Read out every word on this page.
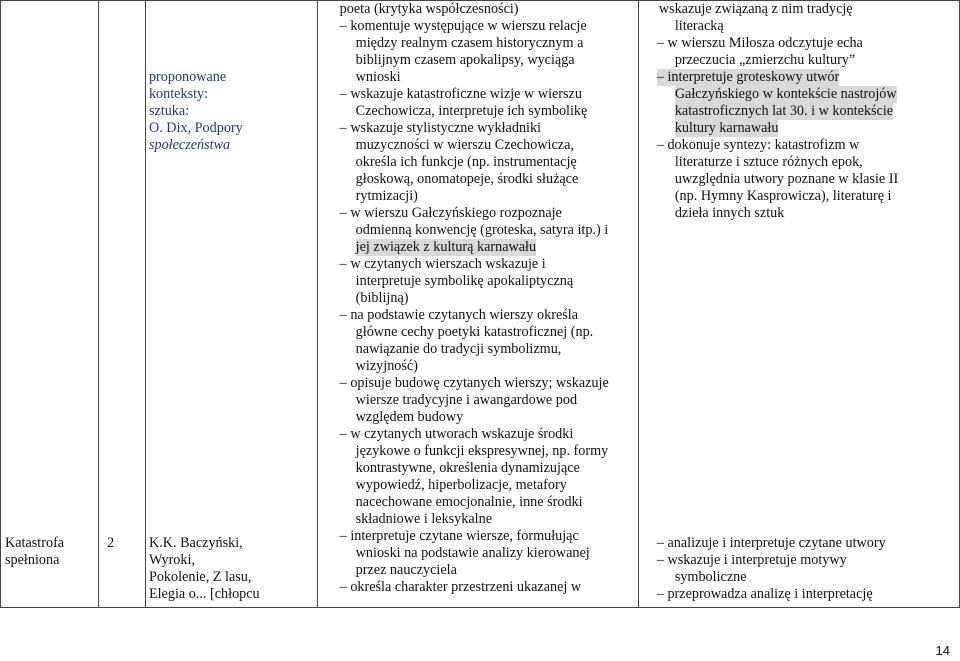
Katastrofa
spełniona

2

proponowane
konteksty:
sztuka:
O. Dix, Podpory
społeczeństwa
K.K. Baczyński,
Wyroki,
Pokolenie, Z lasu,
Elegia o... [chłopcu

poeta (krytyka współczesności)
– komentuje występujące w wierszu relacje
między realnym czasem historycznym a
biblijnym czasem apokalipsy, wyciąga
wnioski
– wskazuje katastroficzne wizje w wierszu
Czechowicza, interpretuje ich symbolikę
– wskazuje stylistyczne wykładniki
muzyczności w wierszu Czechowicza,
określa ich funkcje (np. instrumentację
głoskową, onomatopeje, środki służące
rytmizacji)
– w wierszu Gałczyńskiego rozpoznaje
odmienną konwencję (groteska, satyra itp.) i
jej związek z kulturą karnawału
– w czytanych wierszach wskazuje i
interpretuje symbolikę apokaliptyczną
(biblijną)
– na podstawie czytanych wierszy określa
główne cechy poetyki katastroficznej (np.
nawiązanie do tradycji symbolizmu,
wizyjność)
– opisuje budowę czytanych wierszy; wskazuje
wiersze tradycyjne i awangardowe pod
względem budowy
– w czytanych utworach wskazuje środki
językowe o funkcji ekspresywnej, np. formy
kontrastywne, określenia dynamizujące
wypowiedź, hiperbolizacje, metafory
nacechowane emocjonalnie, inne środki
składniowe i leksykalne
– interpretuje czytane wiersze, formułując
wnioski na podstawie analizy kierowanej
przez nauczyciela
– określa charakter przestrzeni ukazanej w

wskazuje związaną z nim tradycję
literacką
– w wierszu Miłosza odczytuje echa
przeczucia „zmierzchu kultury”
– interpretuje groteskowy utwór Gałczyńskiego w kontekście nastrojów katastroficznych lat 30. i w kontekście kultury karnawału
– dokonuje syntezy: katastrofizm w
literaturze i sztuce różnych epok,
uwzględnia utwory poznane w klasie II
(np. Hymny Kasprowicza), literaturę i
dzieła innych sztuk
– analizuje i interpretuje czytane utwory
– wskazuje i interpretuje motywy
symboliczne
– przeprowadza analizę i interpretację
14
